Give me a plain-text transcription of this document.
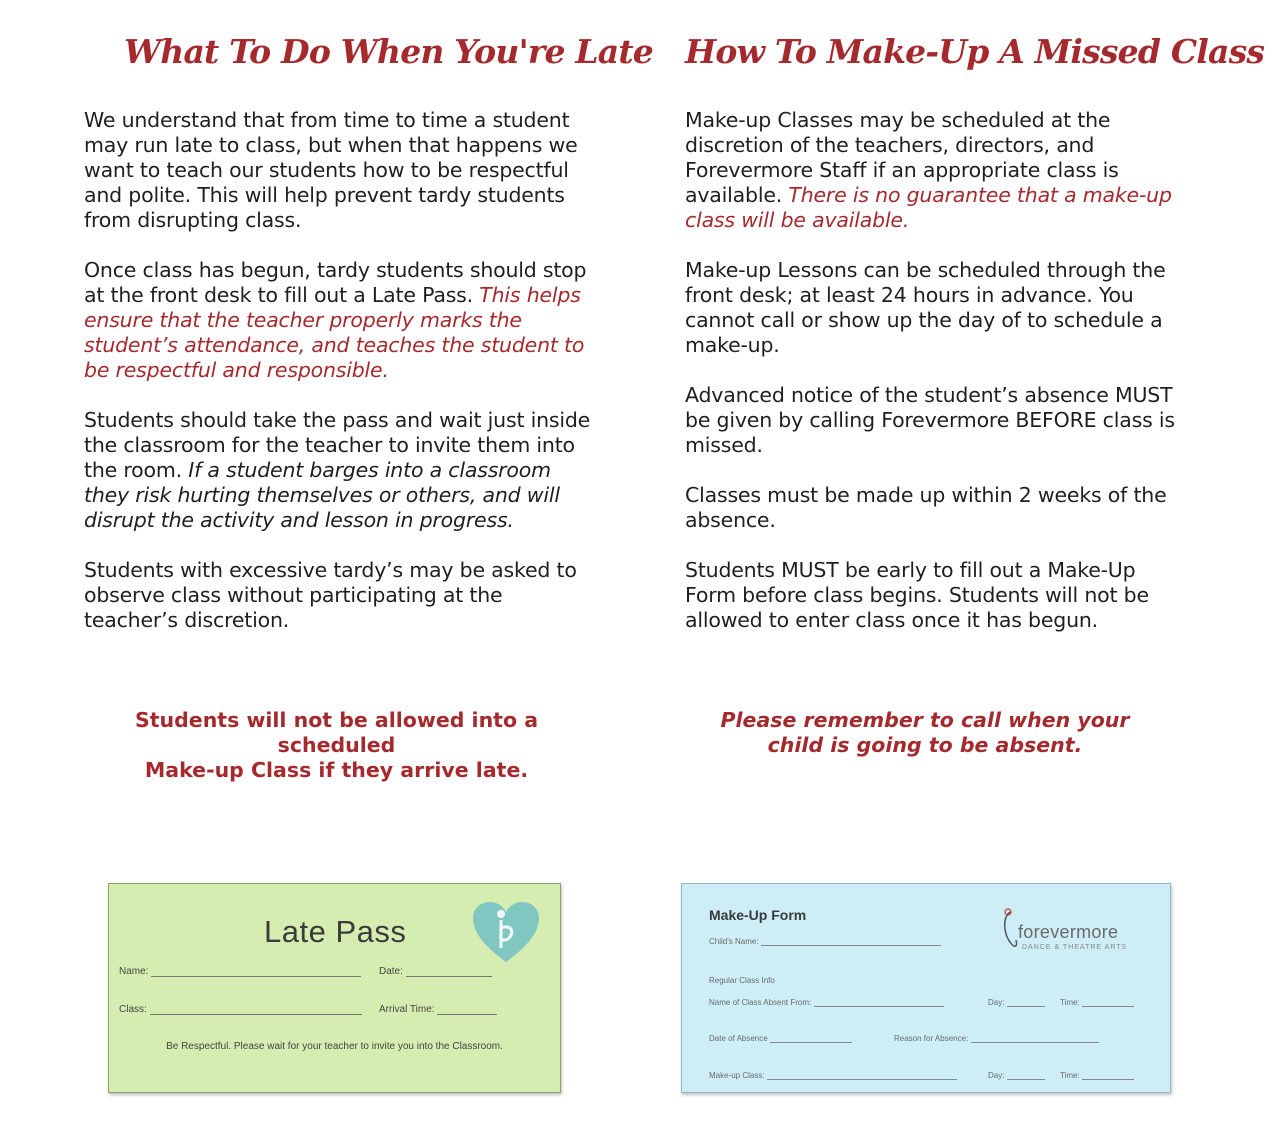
What To Do When You're Late

We understand that from time to time a student may run late to class, but when that happens we want to teach our students how to be respectful and polite. This will help prevent tardy students from disrupting class.

Once class has begun, tardy students should stop at the front desk to fill out a Late Pass. This helps ensure that the teacher properly marks the student’s attendance, and teaches the student to be respectful and responsible.

Students should take the pass and wait just inside the classroom for the teacher to invite them into the room. If a student barges into a classroom they risk hurting themselves or others, and will disrupt the activity and lesson in progress.

Students with excessive tardy’s may be asked to observe class without participating at the teacher’s discretion.

Students will not be allowed into a scheduled
Make-up Class if they arrive late.
How To Make-Up A Missed Class

Make-up Classes may be scheduled at the discretion of the teachers, directors, and Forevermore Staff if an appropriate class is available. There is no guarantee that a make-up class will be available.

Make-up Lessons can be scheduled through the front desk; at least 24 hours in advance. You cannot call or show up the day of to schedule a make-up.

Advanced notice of the student’s absence MUST be given by calling Forevermore BEFORE class is missed.

Classes must be made up within 2 weeks of the absence.

Students MUST be early to fill out a Make-Up Form before class begins. Students will not be allowed to enter class once it has begun.

Please remember to call when your
child is going to be absent.
Late Pass
Name:	Date:
Class:	Arrival Time:
Be Respectful. Please wait for your teacher to invite you into the Classroom.
Make-Up Form
Child's Name:	forevermore
DANCE & THEATRE ARTS
Regular Class Info
Name of Class Absent From:	Day:	Time:
Date of Absence	Reason for Absence:
Make-up Class:	Day:	Time:
